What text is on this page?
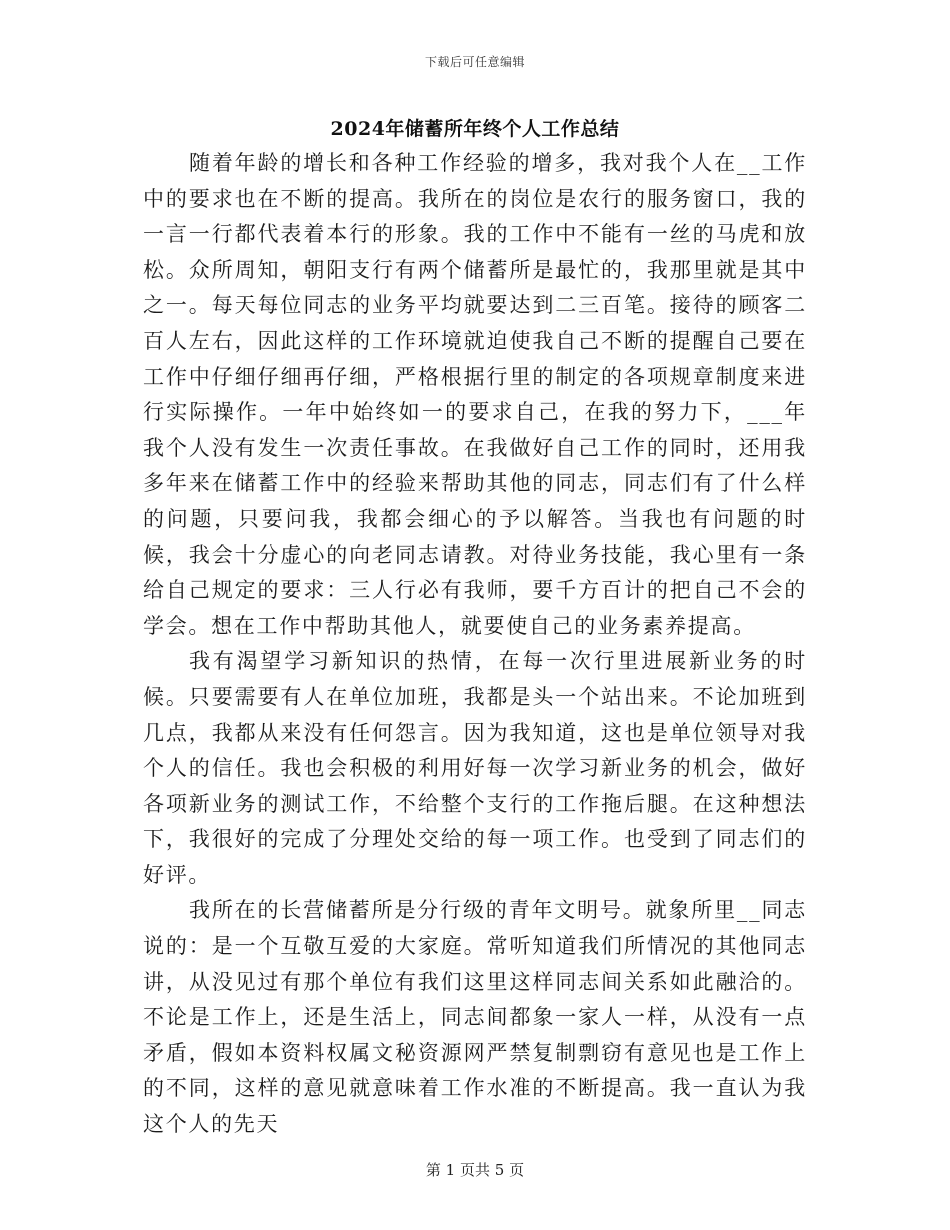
下载后可任意编辑
2024年储蓄所年终个人工作总结

随着年龄的增长和各种工作经验的增多，我对我个人在__工作中的要求也在不断的提高。我所在的岗位是农行的服务窗口，我的一言一行都代表着本行的形象。我的工作中不能有一丝的马虎和放松。众所周知，朝阳支行有两个储蓄所是最忙的，我那里就是其中之一。每天每位同志的业务平均就要达到二三百笔。接待的顾客二百人左右，因此这样的工作环境就迫使我自己不断的提醒自己要在工作中仔细仔细再仔细，严格根据行里的制定的各项规章制度来进行实际操作。一年中始终如一的要求自己，在我的努力下，___年我个人没有发生一次责任事故。在我做好自己工作的同时，还用我多年来在储蓄工作中的经验来帮助其他的同志，同志们有了什么样的问题，只要问我，我都会细心的予以解答。当我也有问题的时候，我会十分虚心的向老同志请教。对待业务技能，我心里有一条给自己规定的要求：三人行必有我师，要千方百计的把自己不会的学会。想在工作中帮助其他人，就要使自己的业务素养提高。

我有渴望学习新知识的热情，在每一次行里进展新业务的时候。只要需要有人在单位加班，我都是头一个站出来。不论加班到几点，我都从来没有任何怨言。因为我知道，这也是单位领导对我个人的信任。我也会积极的利用好每一次学习新业务的机会，做好各项新业务的测试工作，不给整个支行的工作拖后腿。在这种想法下，我很好的完成了分理处交给的每一项工作。也受到了同志们的好评。

我所在的长营储蓄所是分行级的青年文明号。就象所里__同志说的：是一个互敬互爱的大家庭。常听知道我们所情况的其他同志讲，从没见过有那个单位有我们这里这样同志间关系如此融洽的。不论是工作上，还是生活上，同志间都象一家人一样，从没有一点矛盾，假如本资料权属文秘资源网严禁复制剽窃有意见也是工作上的不同，这样的意见就意味着工作水准的不断提高。我一直认为我这个人的先天

第 1 页共 5 页
